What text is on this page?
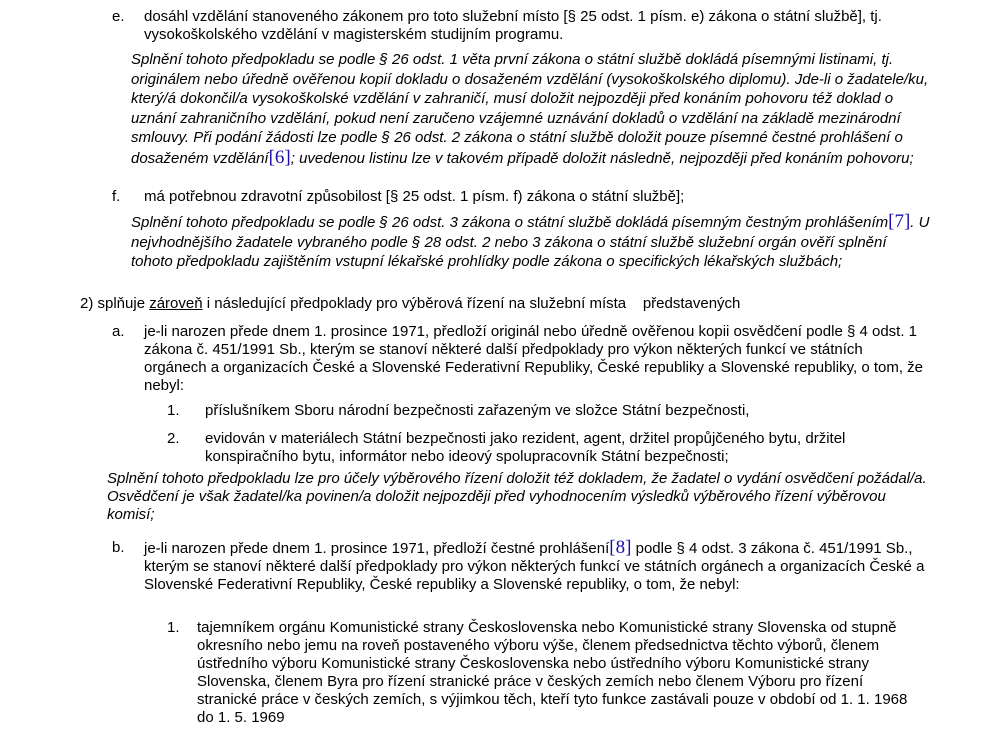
e. dosáhl vzdělání stanoveného zákonem pro toto služební místo [§ 25 odst. 1 písm. e) zákona o státní službě], tj. vysokoškolského vzdělání v magisterském studijním programu.
Splnění tohoto předpokladu se podle § 26 odst. 1 věta první zákona o státní službě dokládá písemnými listinami, tj. originálem nebo úředně ověřenou kopií dokladu o dosaženém vzdělání (vysokoškolského diplomu). Jde-li o žadatele/ku, který/á dokončil/a vysokoškolské vzdělání v zahraničí, musí doložit nejpozději před konáním pohovoru též doklad o uznání zahraničního vzdělání, pokud není zaručeno vzájemné uznávání dokladů o vzdělání na základě mezinárodní smlouvy. Při podání žádosti lze podle § 26 odst. 2 zákona o státní službě doložit pouze písemné čestné prohlášení o dosaženém vzdělání[6]; uvedenou listinu lze v takovém případě doložit následně, nejpozději před konáním pohovoru;
f. má potřebnou zdravotní způsobilost [§ 25 odst. 1 písm. f) zákona o státní službě];
Splnění tohoto předpokladu se podle § 26 odst. 3 zákona o státní službě dokládá písemným čestným prohlášením[7]. U nejvhodnějšího žadatele vybraného podle § 28 odst. 2 nebo 3 zákona o státní službě služební orgán ověří splnění tohoto předpokladu zajištěním vstupní lékařské prohlídky podle zákona o specifických lékařských službách;
2) splňuje zároveň i následující předpoklady pro výběrová řízení na služební místa    představených
a. je-li narozen přede dnem 1. prosince 1971, předloží originál nebo úředně ověřenou kopii osvědčení podle § 4 odst. 1 zákona č. 451/1991 Sb., kterým se stanoví některé další předpoklady pro výkon některých funkcí ve státních orgánech a organizacích České a Slovenské Federativní Republiky, České republiky a Slovenské republiky, o tom, že nebyl:
1. příslušníkem Sboru národní bezpečnosti zařazeným ve složce Státní bezpečnosti,
2. evidován v materiálech Státní bezpečnosti jako rezident, agent, držitel propůjčeného bytu, držitel konspiračního bytu, informátor nebo ideový spolupracovník Státní bezpečnosti;
Splnění tohoto předpokladu lze pro účely výběrového řízení doložit též dokladem, že žadatel o vydání osvědčení požádal/a. Osvědčení je však žadatel/ka povinen/a doložit nejpozději před vyhodnocením výsledků výběrového řízení výběrovou komisí;
b. je-li narozen přede dnem 1. prosince 1971, předloží čestné prohlášení[8] podle § 4 odst. 3 zákona č. 451/1991 Sb., kterým se stanoví některé další předpoklady pro výkon některých funkcí ve státních orgánech a organizacích České a Slovenské Federativní Republiky, České republiky a Slovenské republiky, o tom, že nebyl:
1. tajemníkem orgánu Komunistické strany Československa nebo Komunistické strany Slovenska od stupně okresního nebo jemu na roveň postaveného výboru výše, členem předsednictva těchto výborů, členem ústředního výboru Komunistické strany Československa nebo ústředního výboru Komunistické strany Slovenska, členem Byra pro řízení stranické práce v českých zemích nebo členem Výboru pro řízení stranické práce v českých zemích, s výjimkou těch, kteří tyto funkce zastávali pouze v období od 1. 1. 1968 do 1. 5. 1969
